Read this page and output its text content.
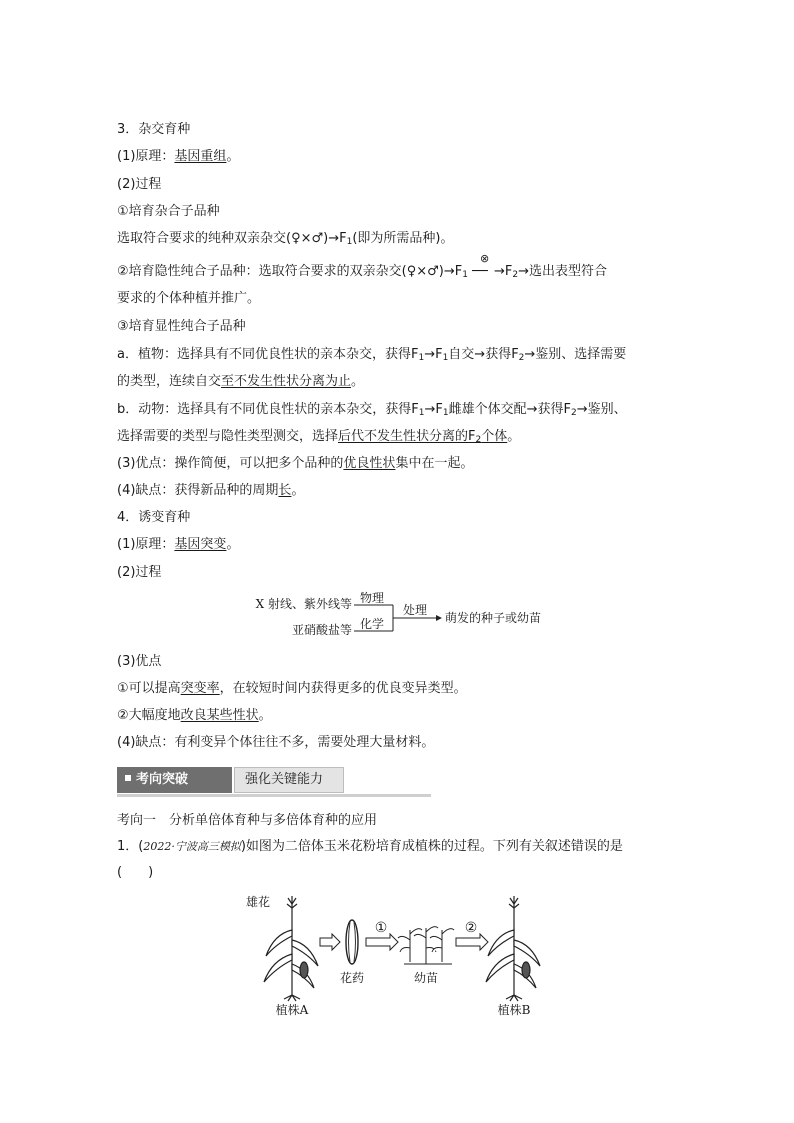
3．杂交育种
(1)原理：基因重组。
(2)过程
①培育杂合子品种
选取符合要求的纯种双亲杂交$(♀\times♂)\to F_1$(即为所需品种)。
②培育隐性纯合子品种：选取符合要求的双亲杂交$(♀\times♂)\to F_1$ ─
⊗
─ $\to F_2\to$选出表型符合
要求的个体种植并推广。
③培育显性纯合子品种
a．植物：选择具有不同优良性状的亲本杂交，获得$F_1\to F_1$自交→获得$F_2\to$鉴别、选择需要
的类型，连续自交至不发生性状分离为止。
b．动物：选择具有不同优良性状的亲本杂交，获得$F_1\to F_1$雌雄个体交配→获得$F_2\to$鉴别、
选择需要的类型与隐性类型测交，选择后代不发生性状分离的$F_2$个体。
(3)优点：操作简便，可以把多个品种的优良性状集中在一起。
(4)缺点：获得新品种的周期长。
4．诱变育种
(1)原理：基因突变。
(2)过程
X 射线、紫外线等 物理
亚硝酸盐等 化学
处理
萌发的种子或幼苗
(3)优点
①可以提高突变率，在较短时间内获得更多的优良变异类型。
②大幅度地改良某些性状。
(4)缺点：有利变异个体往往不多，需要处理大量材料。
考向突破	强化关键能力
考向一　分析单倍体育种与多倍体育种的应用
1．(2022·宁波高三模拟)如图为二倍体玉米花粉培育成植株的过程。下列有关叙述错误的是
(　　)
①	②
雄花
花药	幼苗
植株A	植株B
